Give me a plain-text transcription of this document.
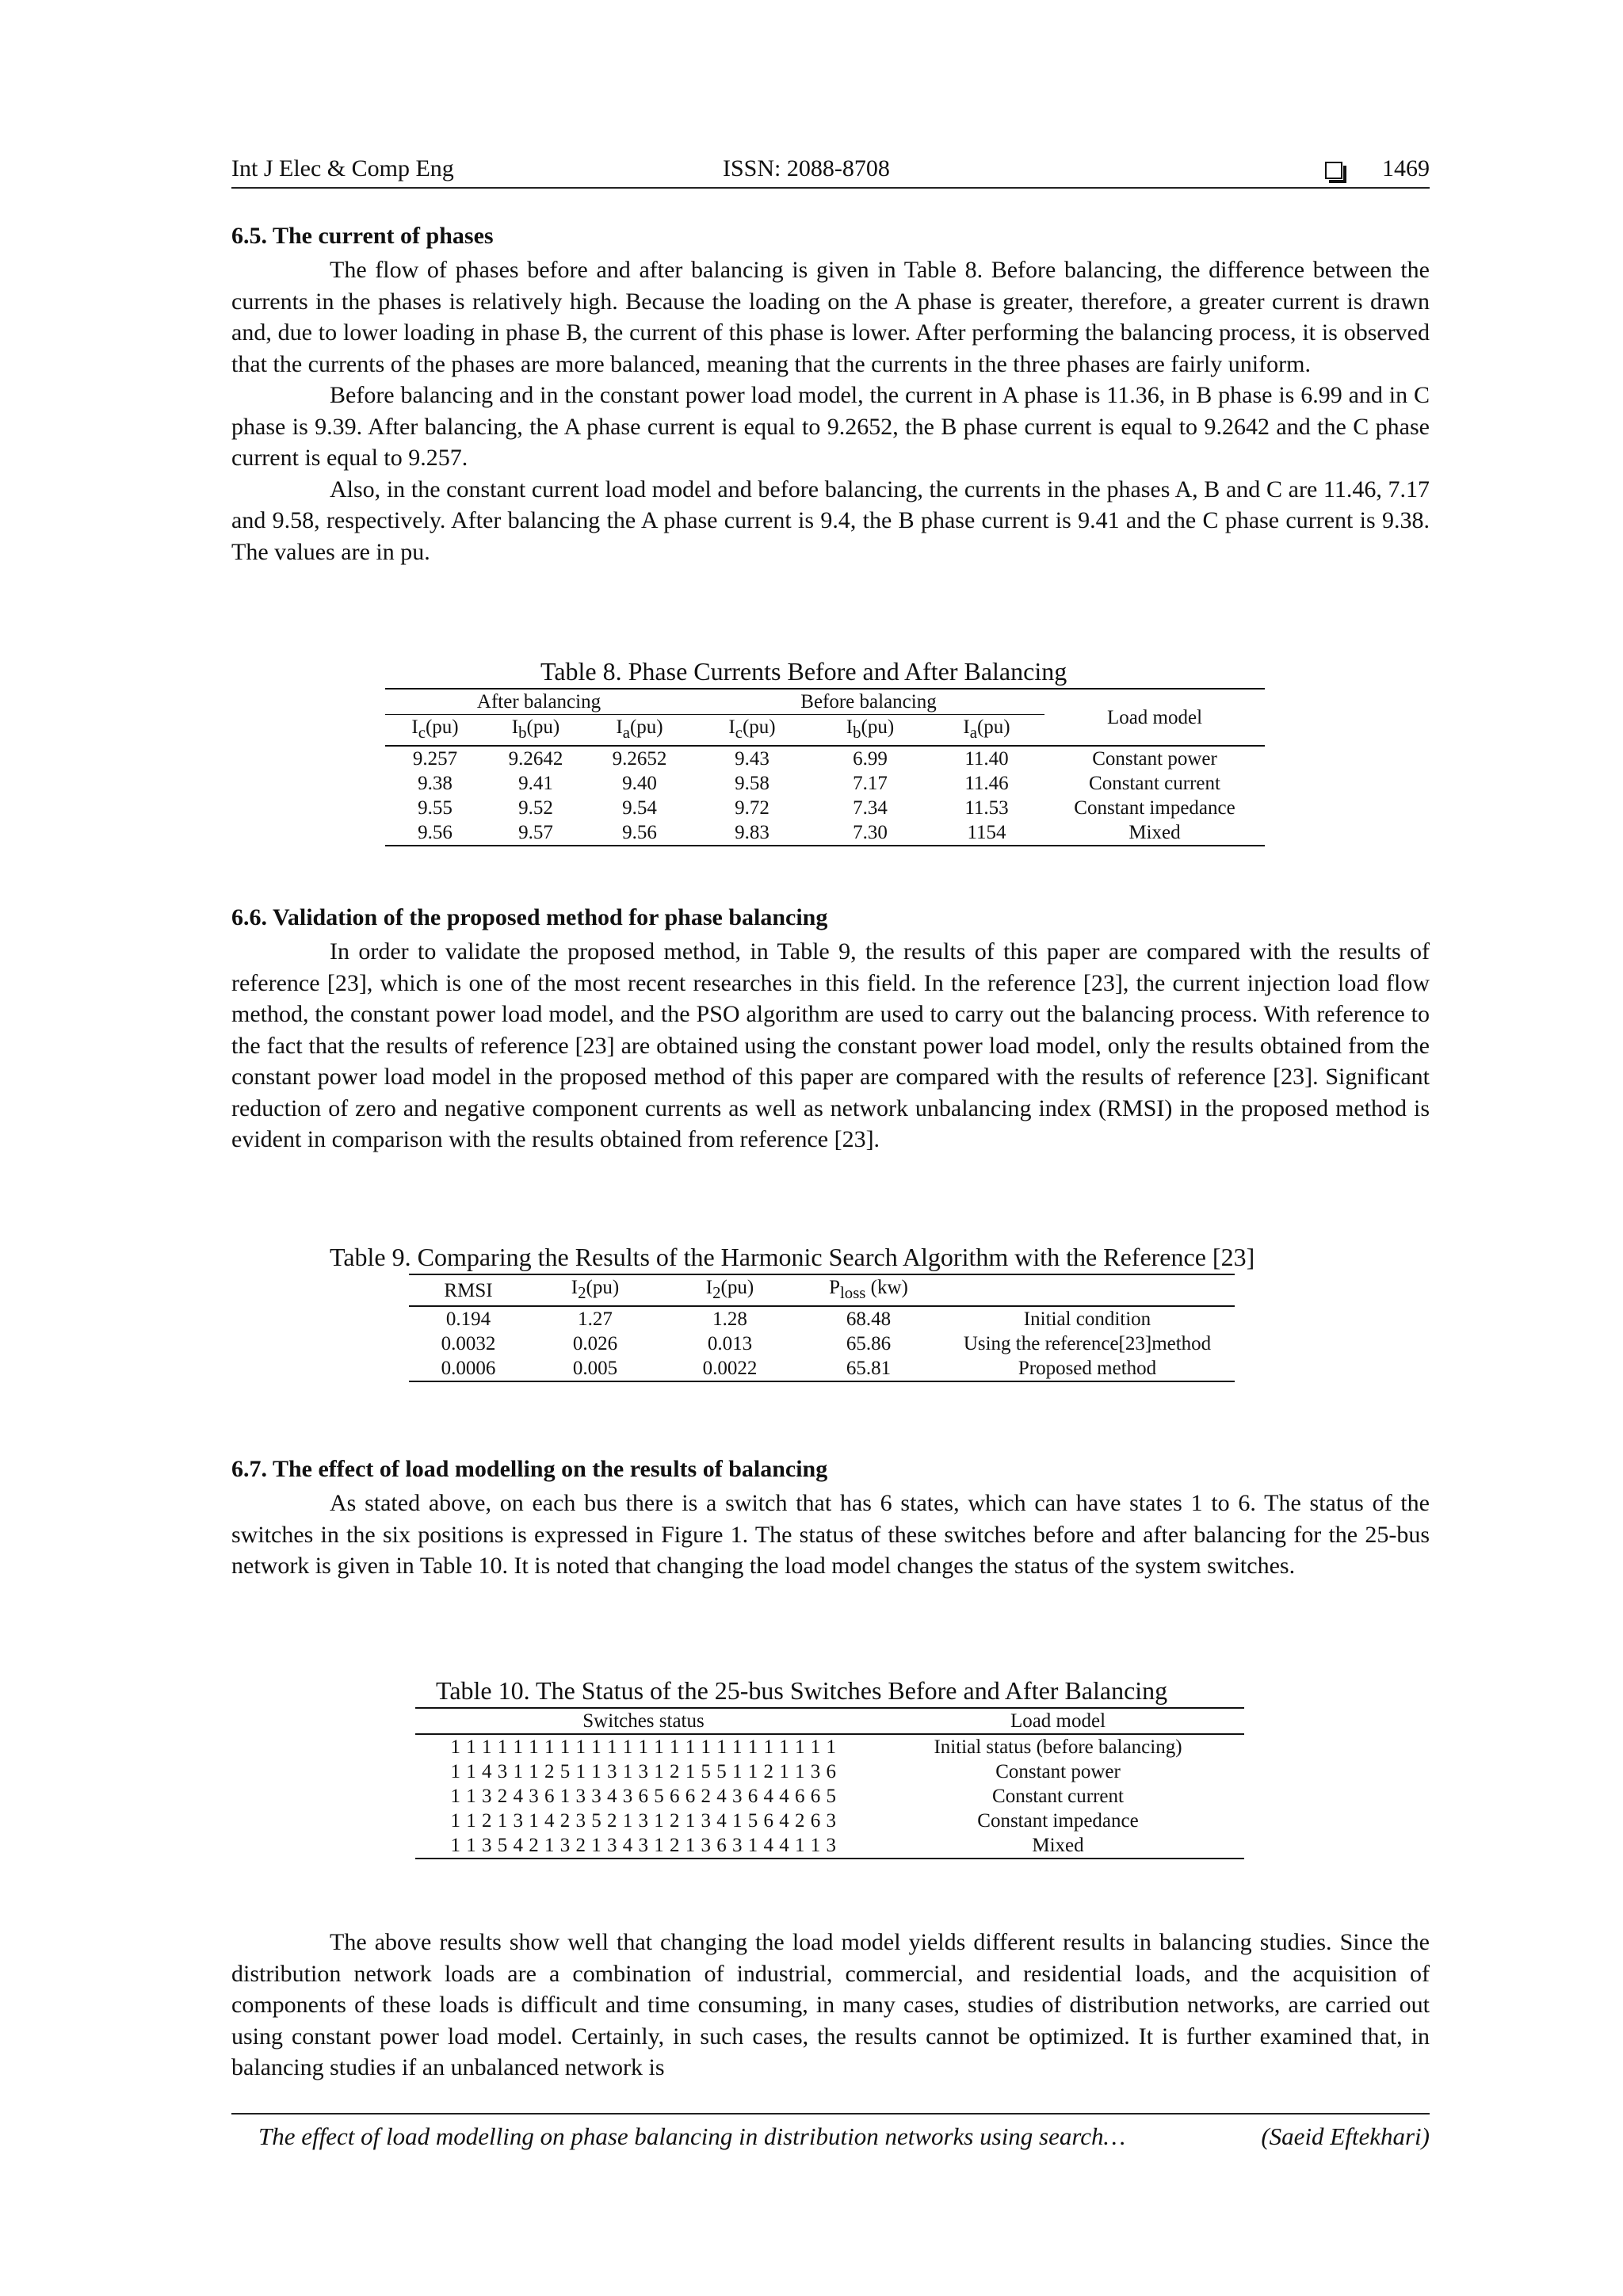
Int J Elec & Comp Eng	ISSN: 2088-8708	1469
6.5. The current of phases

The flow of phases before and after balancing is given in Table 8. Before balancing, the difference between the currents in the phases is relatively high. Because the loading on the A phase is greater, therefore, a greater current is drawn and, due to lower loading in phase B, the current of this phase is lower. After performing the balancing process, it is observed that the currents of the phases are more balanced, meaning that the currents in the three phases are fairly uniform.

Before balancing and in the constant power load model, the current in A phase is 11.36, in B phase is 6.99 and in C phase is 9.39. After balancing, the A phase current is equal to 9.2652, the B phase current is equal to 9.2642 and the C phase current is equal to 9.257.

Also, in the constant current load model and before balancing, the currents in the phases A, B and C are 11.46, 7.17 and 9.58, respectively. After balancing the A phase current is 9.4, the B phase current is 9.41 and the C phase current is 9.38. The values are in pu.

Table 8. Phase Currents Before and After Balancing
After balancing			Before balancing			Load model
$I_c(pu)$	$I_b(pu)$	$I_a(pu)$	$I_c(pu)$	$I_b(pu)$	$I_a(pu)$	
9.257	9.2642	9.2652	9.43	6.99	11.40	Constant power
9.38	9.41	9.40	9.58	7.17	11.46	Constant current
9.55	9.52	9.54	9.72	7.34	11.53	Constant impedance
9.56	9.57	9.56	9.83	7.30	1154	Mixed
6.6. Validation of the proposed method for phase balancing

In order to validate the proposed method, in Table 9, the results of this paper are compared with the results of reference [23], which is one of the most recent researches in this field. In the reference [23], the current injection load flow method, the constant power load model, and the PSO algorithm are used to carry out the balancing process. With reference to the fact that the results of reference [23] are obtained using the constant power load model, only the results obtained from the constant power load model in the proposed method of this paper are compared with the results of reference [23]. Significant reduction of zero and negative component currents as well as network unbalancing index (RMSI) in the proposed method is evident in comparison with the results obtained from reference [23].

Table 9. Comparing the Results of the Harmonic Search Algorithm with the Reference [23]
RMSI	$I_2(pu)$	$I_2(pu)$	$P_{loss}$ (kw)	
0.194	1.27	1.28	68.48	Initial condition
0.0032	0.026	0.013	65.86	Using the reference[23]method
0.0006	0.005	0.0022	65.81	Proposed method
6.7. The effect of load modelling on the results of balancing

As stated above, on each bus there is a switch that has 6 states, which can have states 1 to 6. The status of the switches in the six positions is expressed in Figure 1. The status of these switches before and after balancing for the 25-bus network is given in Table 10. It is noted that changing the load model changes the status of the system switches.

Table 10. The Status of the 25-bus Switches Before and After Balancing
Switches status	Load model
1 1 1 1 1 1 1 1 1 1 1 1 1 1 1 1 1 1 1 1 1 1 1 1 1	Initial status (before balancing)
1 1 4 3 1 1 2 5 1 1 3 1 3 1 2 1 5 5 1 1 2 1 1 3 6	Constant power
1 1 3 2 4 3 6 1 3 3 4 3 6 5 6 6 2 4 3 6 4 4 6 6 5	Constant current
1 1 2 1 3 1 4 2 3 5 2 1 3 1 2 1 3 4 1 5 6 4 2 6 3	Constant impedance
1 1 3 5 4 2 1 3 2 1 3 4 3 1 2 1 3 6 3 1 4 4 1 1 3	Mixed

The above results show well that changing the load model yields different results in balancing studies. Since the distribution network loads are a combination of industrial, commercial, and residential loads, and the acquisition of components of these loads is difficult and time consuming, in many cases, studies of distribution networks, are carried out using constant power load model. Certainly, in such cases, the results cannot be optimized. It is further examined that, in balancing studies if an unbalanced network is

The effect of load modelling on phase balancing in distribution networks using search…	(Saeid Eftekhari)
